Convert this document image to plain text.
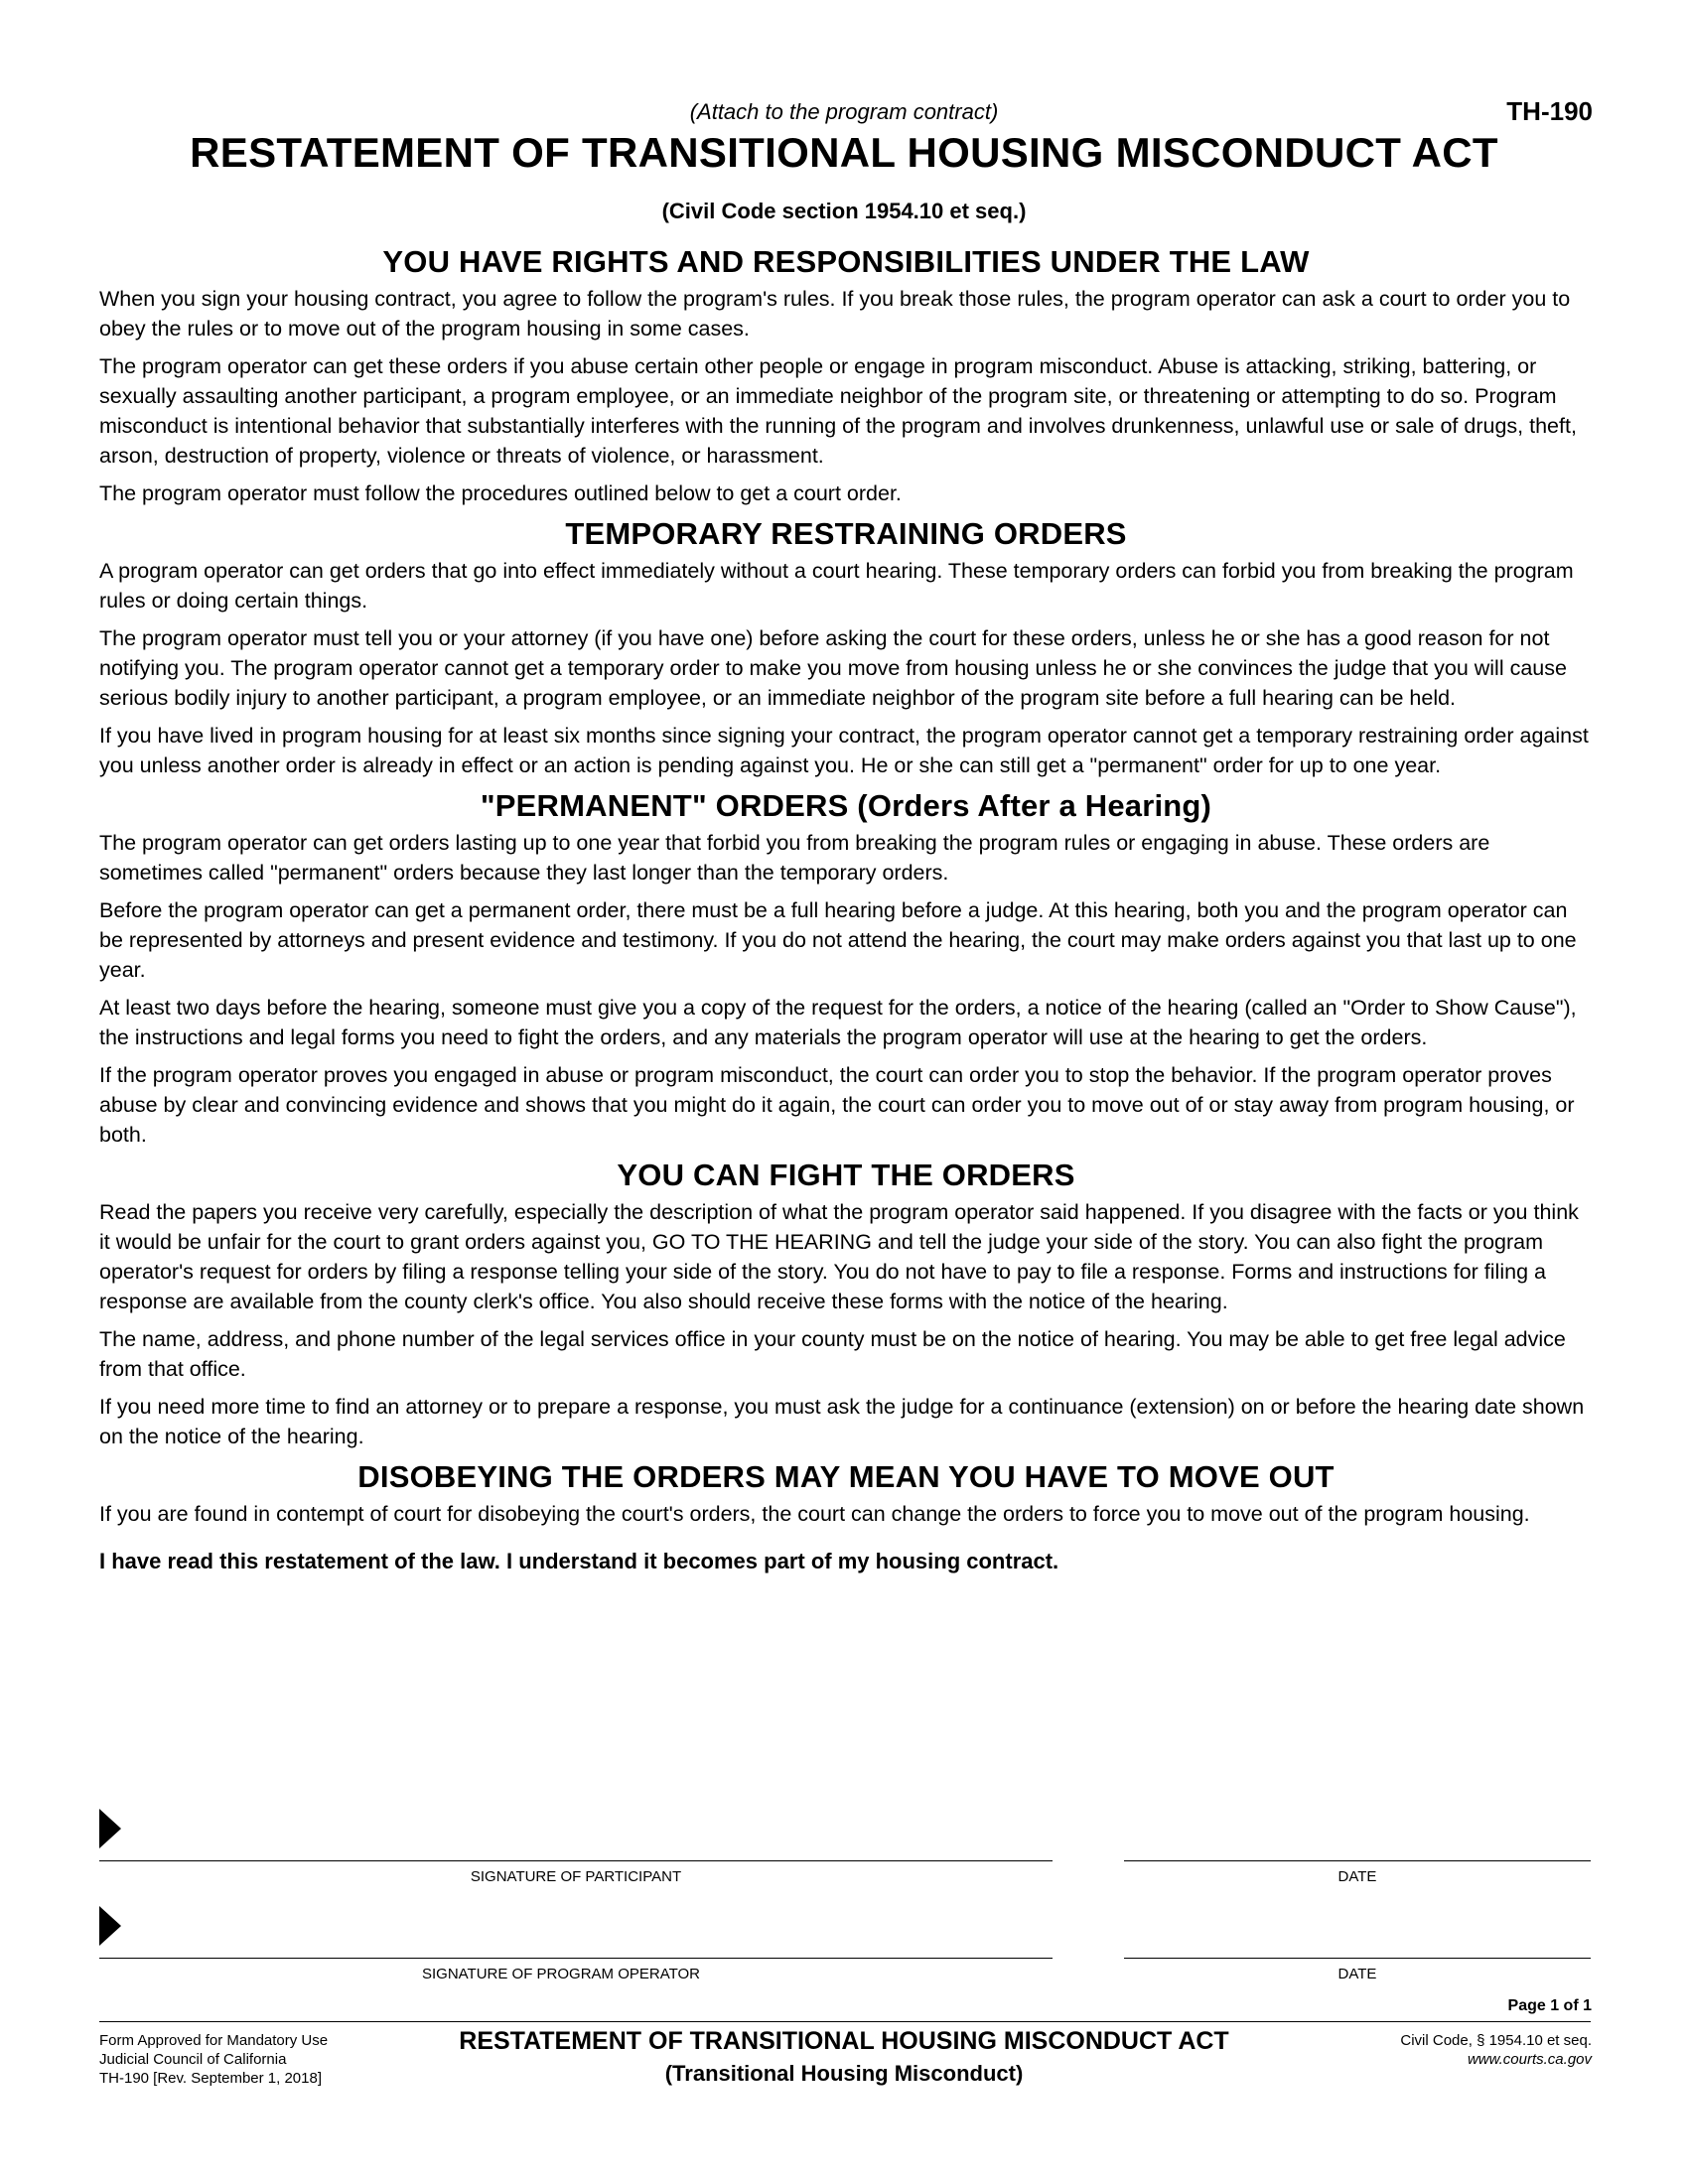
(Attach to the program contract)	TH-190
RESTATEMENT OF TRANSITIONAL HOUSING MISCONDUCT ACT
(Civil Code section 1954.10 et seq.)
YOU HAVE RIGHTS AND RESPONSIBILITIES UNDER THE LAW

When you sign your housing contract, you agree to follow the program's rules. If you break those rules, the program operator can ask a court to order you to obey the rules or to move out of the program housing in some cases.

The program operator can get these orders if you abuse certain other people or engage in program misconduct. Abuse is attacking, striking, battering, or sexually assaulting another participant, a program employee, or an immediate neighbor of the program site, or threatening or attempting to do so. Program misconduct is intentional behavior that substantially interferes with the running of the program and involves drunkenness, unlawful use or sale of drugs, theft, arson, destruction of property, violence or threats of violence, or harassment.

The program operator must follow the procedures outlined below to get a court order.

TEMPORARY RESTRAINING ORDERS

A program operator can get orders that go into effect immediately without a court hearing. These temporary orders can forbid you from breaking the program rules or doing certain things.

The program operator must tell you or your attorney (if you have one) before asking the court for these orders, unless he or she has a good reason for not notifying you. The program operator cannot get a temporary order to make you move from housing unless he or she convinces the judge that you will cause serious bodily injury to another participant, a program employee, or an immediate neighbor of the program site before a full hearing can be held.

If you have lived in program housing for at least six months since signing your contract, the program operator cannot get a temporary restraining order against you unless another order is already in effect or an action is pending against you. He or she can still get a "permanent" order for up to one year.

"PERMANENT" ORDERS (Orders After a Hearing)

The program operator can get orders lasting up to one year that forbid you from breaking the program rules or engaging in abuse. These orders are sometimes called "permanent" orders because they last longer than the temporary orders.

Before the program operator can get a permanent order, there must be a full hearing before a judge. At this hearing, both you and the program operator can be represented by attorneys and present evidence and testimony. If you do not attend the hearing, the court may make orders against you that last up to one year.

At least two days before the hearing, someone must give you a copy of the request for the orders, a notice of the hearing (called an "Order to Show Cause"), the instructions and legal forms you need to fight the orders, and any materials the program operator will use at the hearing to get the orders.

If the program operator proves you engaged in abuse or program misconduct, the court can order you to stop the behavior. If the program operator proves abuse by clear and convincing evidence and shows that you might do it again, the court can order you to move out of or stay away from program housing, or both.

YOU CAN FIGHT THE ORDERS

Read the papers you receive very carefully, especially the description of what the program operator said happened. If you disagree with the facts or you think it would be unfair for the court to grant orders against you, GO TO THE HEARING and tell the judge your side of the story. You can also fight the program operator's request for orders by filing a response telling your side of the story. You do not have to pay to file a response. Forms and instructions for filing a response are available from the county clerk's office. You also should receive these forms with the notice of the hearing.

The name, address, and phone number of the legal services office in your county must be on the notice of hearing. You may be able to get free legal advice from that office.

If you need more time to find an attorney or to prepare a response, you must ask the judge for a continuance (extension) on or before the hearing date shown on the notice of the hearing.

DISOBEYING THE ORDERS MAY MEAN YOU HAVE TO MOVE OUT

If you are found in contempt of court for disobeying the court's orders, the court can change the orders to force you to move out of the program housing.

I have read this restatement of the law. I understand it becomes part of my housing contract.

SIGNATURE OF PARTICIPANT	DATE
SIGNATURE OF PROGRAM OPERATOR	DATE
Page 1 of 1
Form Approved for Mandatory Use
Judicial Council of California
TH-190 [Rev. September 1, 2018]
RESTATEMENT OF TRANSITIONAL HOUSING MISCONDUCT ACT
(Transitional Housing Misconduct)
Civil Code, § 1954.10 et seq.
www.courts.ca.gov
